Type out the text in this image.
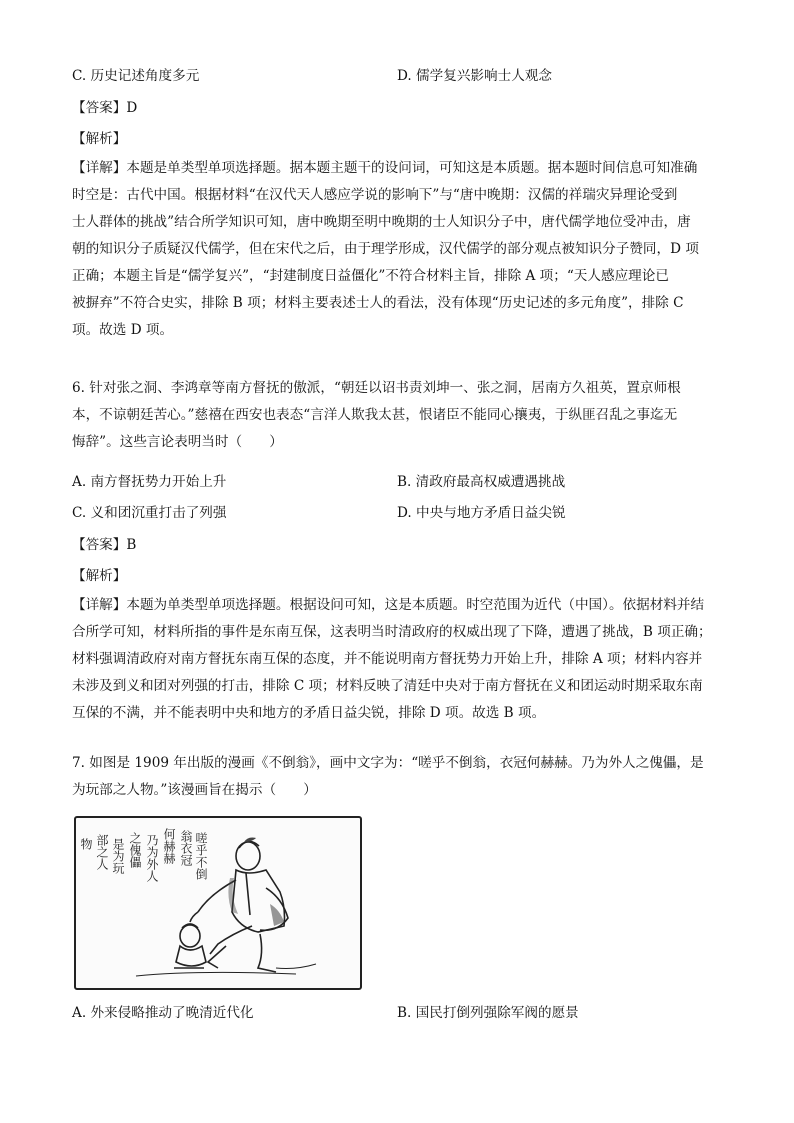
C. 历史记述角度多元	D. 儒学复兴影响士人观念
【答案】D
【解析】
【详解】本题是单类型单项选择题。据本题主题干的设问词，可知这是本质题。据本题时间信息可知准确
时空是：古代中国。根据材料“在汉代天人感应学说的影响下”与“唐中晚期：汉儒的祥瑞灾异理论受到
士人群体的挑战”结合所学知识可知，唐中晚期至明中晚期的士人知识分子中，唐代儒学地位受冲击，唐
朝的知识分子质疑汉代儒学，但在宋代之后，由于理学形成，汉代儒学的部分观点被知识分子赞同，D 项
正确；本题主旨是“儒学复兴”，“封建制度日益僵化”不符合材料主旨，排除 A 项；“天人感应理论已
被摒弃”不符合史实，排除 B 项；材料主要表述士人的看法，没有体现“历史记述的多元角度”，排除 C
项。故选 D 项。
6. 针对张之洞、李鸿章等南方督抚的傲派，“朝廷以诏书责刘坤一、张之洞，居南方久祖英，置京师根
本，不谅朝廷苦心。”慈禧在西安也表态“言洋人欺我太甚，恨诸臣不能同心攘夷，于纵匪召乱之事迄无
悔辞”。这些言论表明当时（　　）
A. 南方督抚势力开始上升	B. 清政府最高权威遭遇挑战
C. 义和团沉重打击了列强	D. 中央与地方矛盾日益尖锐
【答案】B
【解析】
【详解】本题为单类型单项选择题。根据设问可知，这是本质题。时空范围为近代（中国）。依据材料并结
合所学可知，材料所指的事件是东南互保，这表明当时清政府的权威出现了下降，遭遇了挑战，B 项正确；
材料强调清政府对南方督抚东南互保的态度，并不能说明南方督抚势力开始上升，排除 A 项；材料内容并
未涉及到义和团对列强的打击，排除 C 项；材料反映了清廷中央对于南方督抚在义和团运动时期采取东南
互保的不满，并不能表明中央和地方的矛盾日益尖锐，排除 D 项。故选 B 项。
7. 如图是 1909 年出版的漫画《不倒翁》，画中文字为：“嗟乎不倒翁，衣冠何赫赫。乃为外人之傀儡，是
为玩部之人物。”该漫画旨在揭示（　　）
嗟乎不倒
翁衣冠
何赫赫
乃为外人
之傀儡
是为玩
部之人
物
A. 外来侵略推动了晚清近代化	B. 国民打倒列强除军阀的愿景
